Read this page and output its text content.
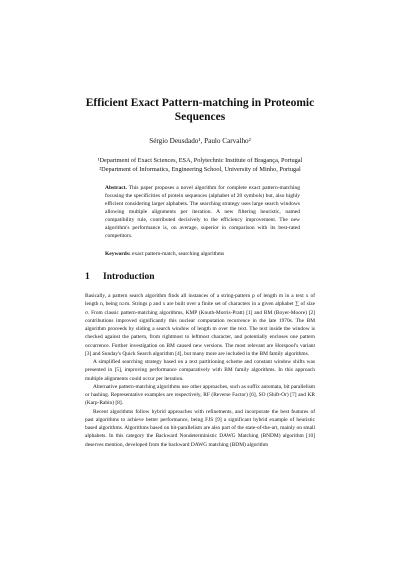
Efficient Exact Pattern-matching in Proteomic Sequences
Sérgio Deusdado¹, Paulo Carvalho²
¹Department of Exact Sciences, ESA, Polytechnic Institute of Bragança, Portugal
²Department of Informatics, Engineering School, University of Minho, Portugal
Abstract. This paper proposes a novel algorithm for complete exact pattern-matching focusing the specificities of protein sequences (alphabet of 20 symbols) but, also highly efficient considering larger alphabets. The searching strategy uses large search windows allowing multiple alignments per iteration. A new filtering heuristic, named compatibility rule, contributed decisively to the efficiency improvement. The new algorithm's performance is, on average, superior in comparison with its best-rated competitors.
Keywords: exact pattern-match, searching algorithms
1 Introduction

Basically, a pattern search algorithm finds all instances of a string-pattern p of length m in a text x of length n, being n≥m. Strings p and x are built over a finite set of characters in a given alphabet ∑ of size σ. From classic pattern-matching algorithms, KMP (Knuth-Morris-Pratt) [1] and BM (Boyer-Moore) [2] contributions improved significantly this nuclear computation recurrence in the late 1970s. The BM algorithm proceeds by sliding a search window of length m over the text. The text inside the window is checked against the pattern, from rightmost to leftmost character, and potentially encloses one pattern occurrence. Further investigation on BM caused new versions. The most relevant are Horspool's variant [3] and Sunday's Quick Search algorithm [4], but many more are included in the BM family algorithms.

A simplified searching strategy based on a text partitioning scheme and constant window shifts was presented in [5], improving performance comparatively with BM family algorithms. In this approach multiple alignments could occur per iteration.

Alternative pattern-matching algorithms use other approaches, such as suffix automata, bit parallelism or hashing. Representative examples are respectively, RF (Reverse Factor) [6], SO (Shift-Or) [7] and KR (Karp-Rabin) [8].

Recent algorithms follow hybrid approaches with refinements, and incorporate the best features of past algorithms to achieve better performance, being FJS [9] a significant hybrid example of heuristic based algorithms. Algorithms based on bit-parallelism are also part of the state-of-the-art, mainly on small alphabets. In this category the Backward Nondeterministic DAWG Matching (BNDM) algorithm [10] deserves mention, developed from the backward DAWG matching (BDM) algorithm
